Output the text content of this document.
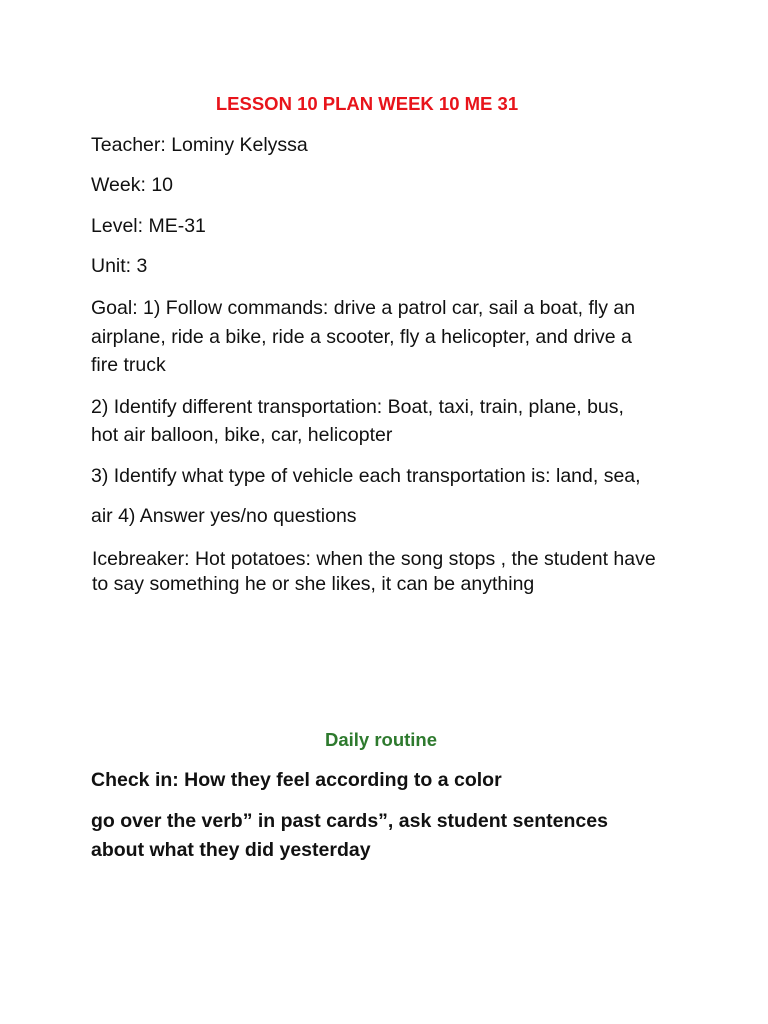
LESSON 10 PLAN WEEK 10 ME 31
Teacher: Lominy Kelyssa
Week: 10
Level: ME-31
Unit: 3
Goal: 1) Follow commands: drive a patrol car, sail a boat, fly an
airplane, ride a bike, ride a scooter, fly a helicopter, and drive a
fire truck
2) Identify different transportation: Boat, taxi, train, plane, bus,
hot air balloon, bike, car, helicopter
3) Identify what type of vehicle each transportation is: land, sea,
air 4) Answer yes/no questions
Icebreaker: Hot potatoes: when the song stops , the student have
to say something he or she likes, it can be anything
Daily routine
Check in: How they feel according to a color
go over the verb” in past cards”, ask student sentences
about what they did yesterday
